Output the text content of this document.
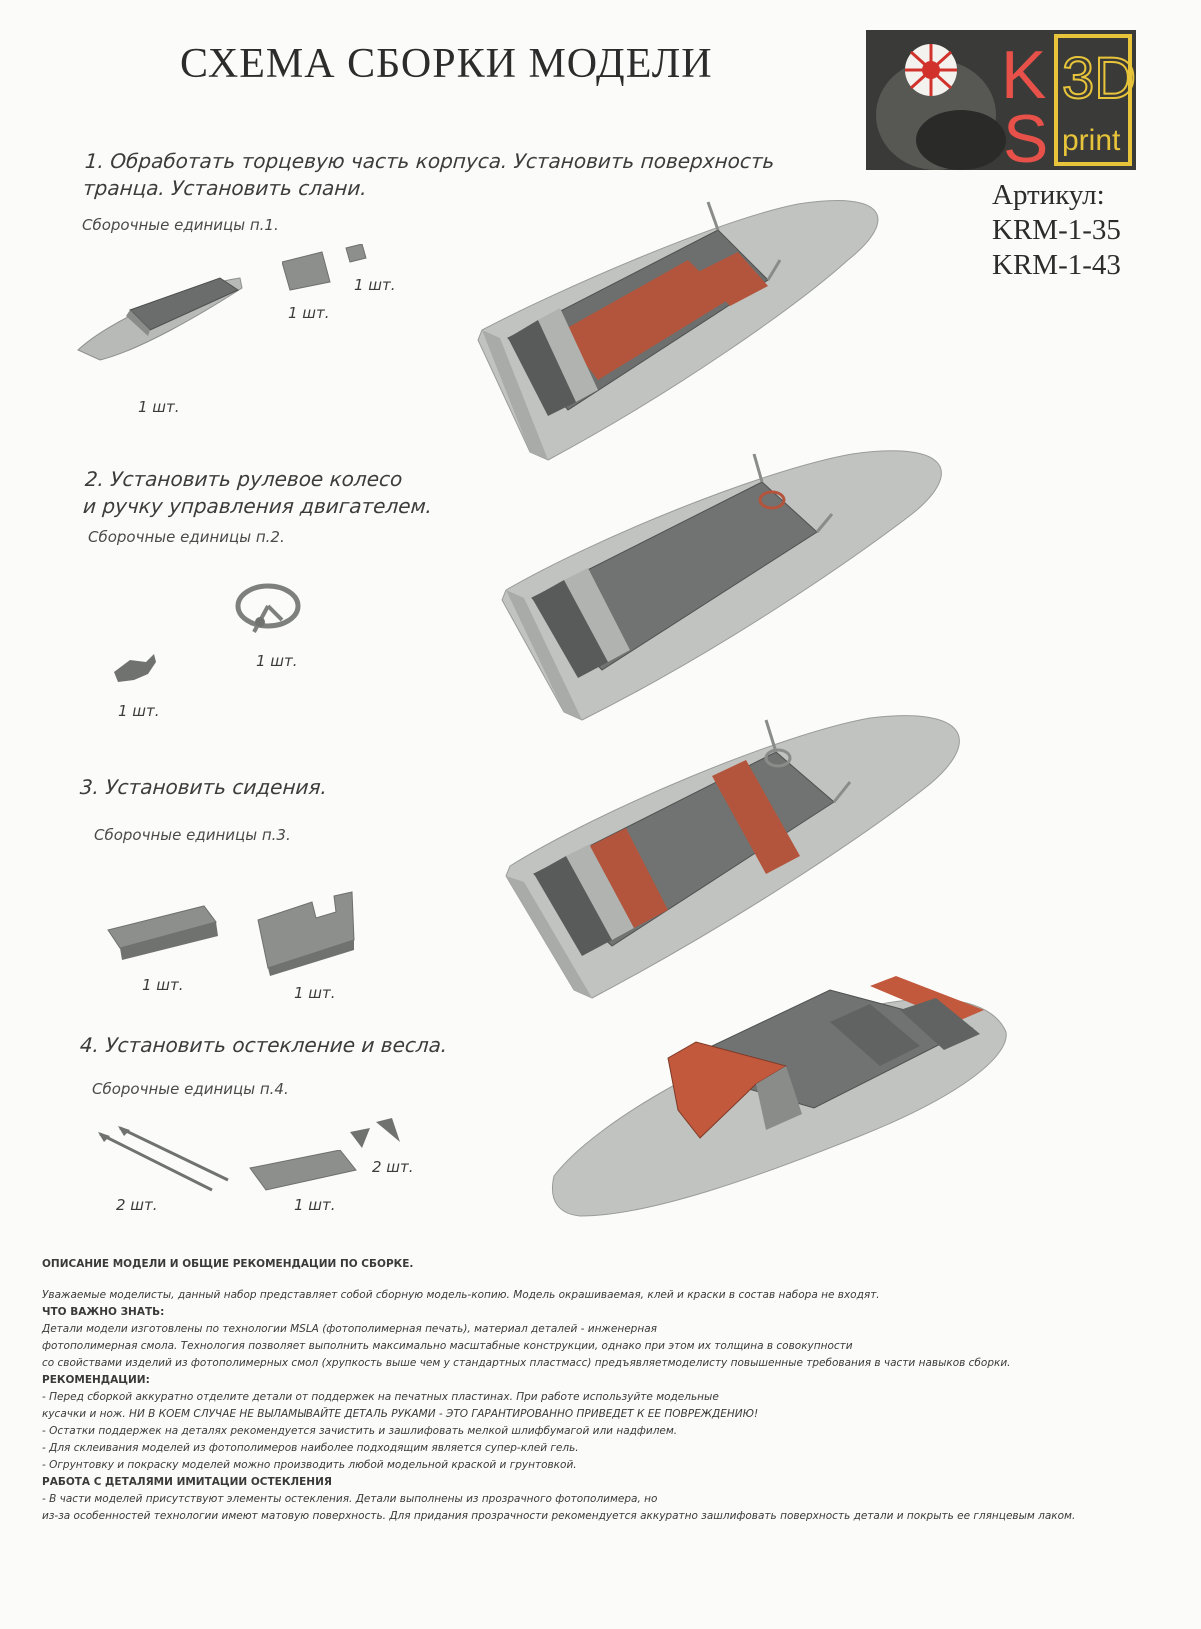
СХЕМА СБОРКИ МОДЕЛИ	K
S
3D
print
Артикул:
KRM-1-35
KRM-1-43
1. Обработать торцевую часть корпуса. Установить поверхность
транца. Установить слани.
Сборочные единицы п.1.
1 шт.
1 шт.
1 шт.
2. Установить рулевое колесо
и ручку управления двигателем.
Сборочные единицы п.2.
1 шт.
1 шт.
3. Установить сидения.
Сборочные единицы п.3.
1 шт.	1 шт.
4. Установить остекление и весла.
Сборочные единицы п.4.
2 шт.	1 шт.
2 шт.
ОПИСАНИЕ МОДЕЛИ И ОБЩИЕ РЕКОМЕНДАЦИИ ПО СБОРКЕ.
Уважаемые моделисты, данный набор представляет собой сборную модель-копию. Модель окрашиваемая, клей и краски в состав набора не входят.
ЧТО ВАЖНО ЗНАТЬ:
Детали модели изготовлены по технологии MSLA (фотополимерная печать), материал деталей - инженерная
фотополимерная смола. Технология позволяет выполнить максимально масштабные конструкции, однако при этом их толщина в совокупности
со свойствами изделий из фотополимерных смол (хрупкость выше чем у стандартных пластмасс) предъявляетмоделисту повышенные требования в части навыков сборки.
РЕКОМЕНДАЦИИ:
- Перед сборкой аккуратно отделите детали от поддержек на печатных пластинах. При работе используйте модельные
кусачки и нож. НИ В КОЕМ СЛУЧАЕ НЕ ВЫЛАМЫВАЙТЕ ДЕТАЛЬ РУКАМИ - ЭТО ГАРАНТИРОВАННО ПРИВЕДЕТ К ЕЕ ПОВРЕЖДЕНИЮ!
- Остатки поддержек на деталях рекомендуется зачистить и зашлифовать мелкой шлифбумагой или надфилем.
- Для склеивания моделей из фотополимеров наиболее подходящим является супер-клей гель.
- Огрунтовку и покраску моделей можно производить любой модельной краской и грунтовкой.
РАБОТА С ДЕТАЛЯМИ ИМИТАЦИИ ОСТЕКЛЕНИЯ
- В части моделей присутствуют элементы остекления. Детали выполнены из прозрачного фотополимера, но
из-за особенностей технологии имеют матовую поверхность. Для придания прозрачности рекомендуется аккуратно зашлифовать поверхность детали и покрыть ее глянцевым лаком.
